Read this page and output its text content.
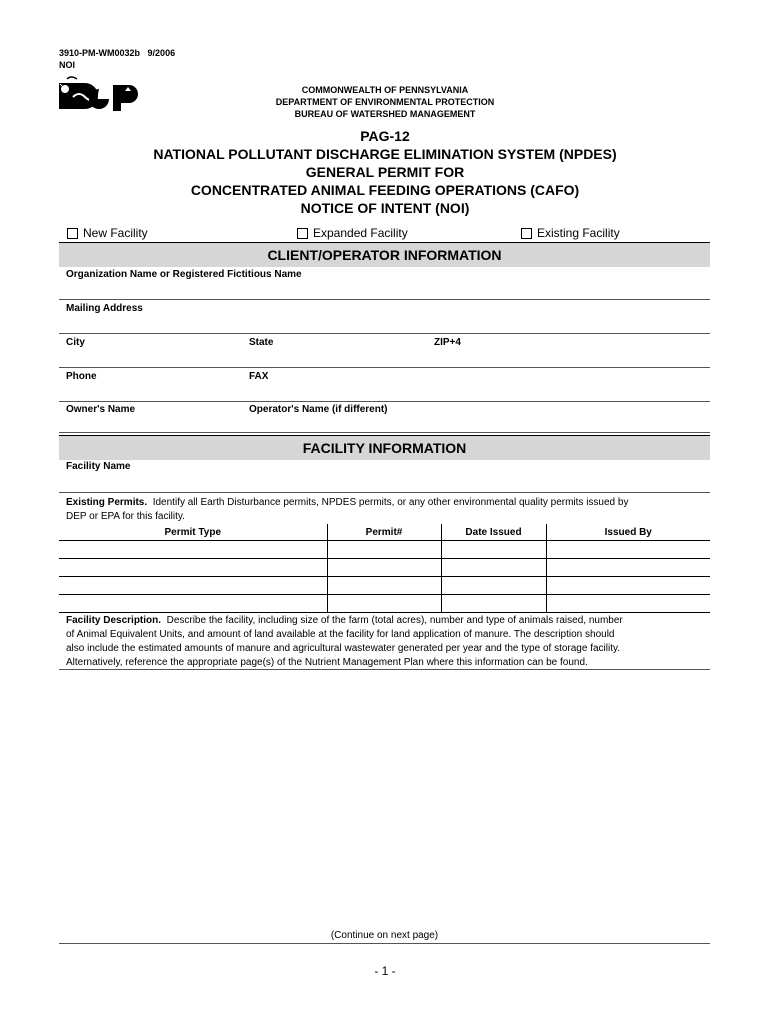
3910-PM-WM0032b 9/2006
NOI
COMMONWEALTH OF PENNSYLVANIA
DEPARTMENT OF ENVIRONMENTAL PROTECTION
BUREAU OF WATERSHED MANAGEMENT
PAG-12
NATIONAL POLLUTANT DISCHARGE ELIMINATION SYSTEM (NPDES)
GENERAL PERMIT FOR
CONCENTRATED ANIMAL FEEDING OPERATIONS (CAFO)
NOTICE OF INTENT (NOI)
New Facility	Expanded Facility	Existing Facility
CLIENT/OPERATOR INFORMATION
Organization Name or Registered Fictitious Name
Mailing Address
City	State	ZIP+4
Phone	FAX
Owner's Name	Operator's Name (if different)
FACILITY INFORMATION
Facility Name
Existing Permits. Identify all Earth Disturbance permits, NPDES permits, or any other environmental quality permits issued by
DEP or EPA for this facility.
Permit Type	Permit#	Date Issued	Issued By

Facility Description. Describe the facility, including size of the farm (total acres), number and type of animals raised, number
of Animal Equivalent Units, and amount of land available at the facility for land application of manure. The description should
also include the estimated amounts of manure and agricultural wastewater generated per year and the type of storage facility.
Alternatively, reference the appropriate page(s) of the Nutrient Management Plan where this information can be found.
(Continue on next page)
- 1 -
